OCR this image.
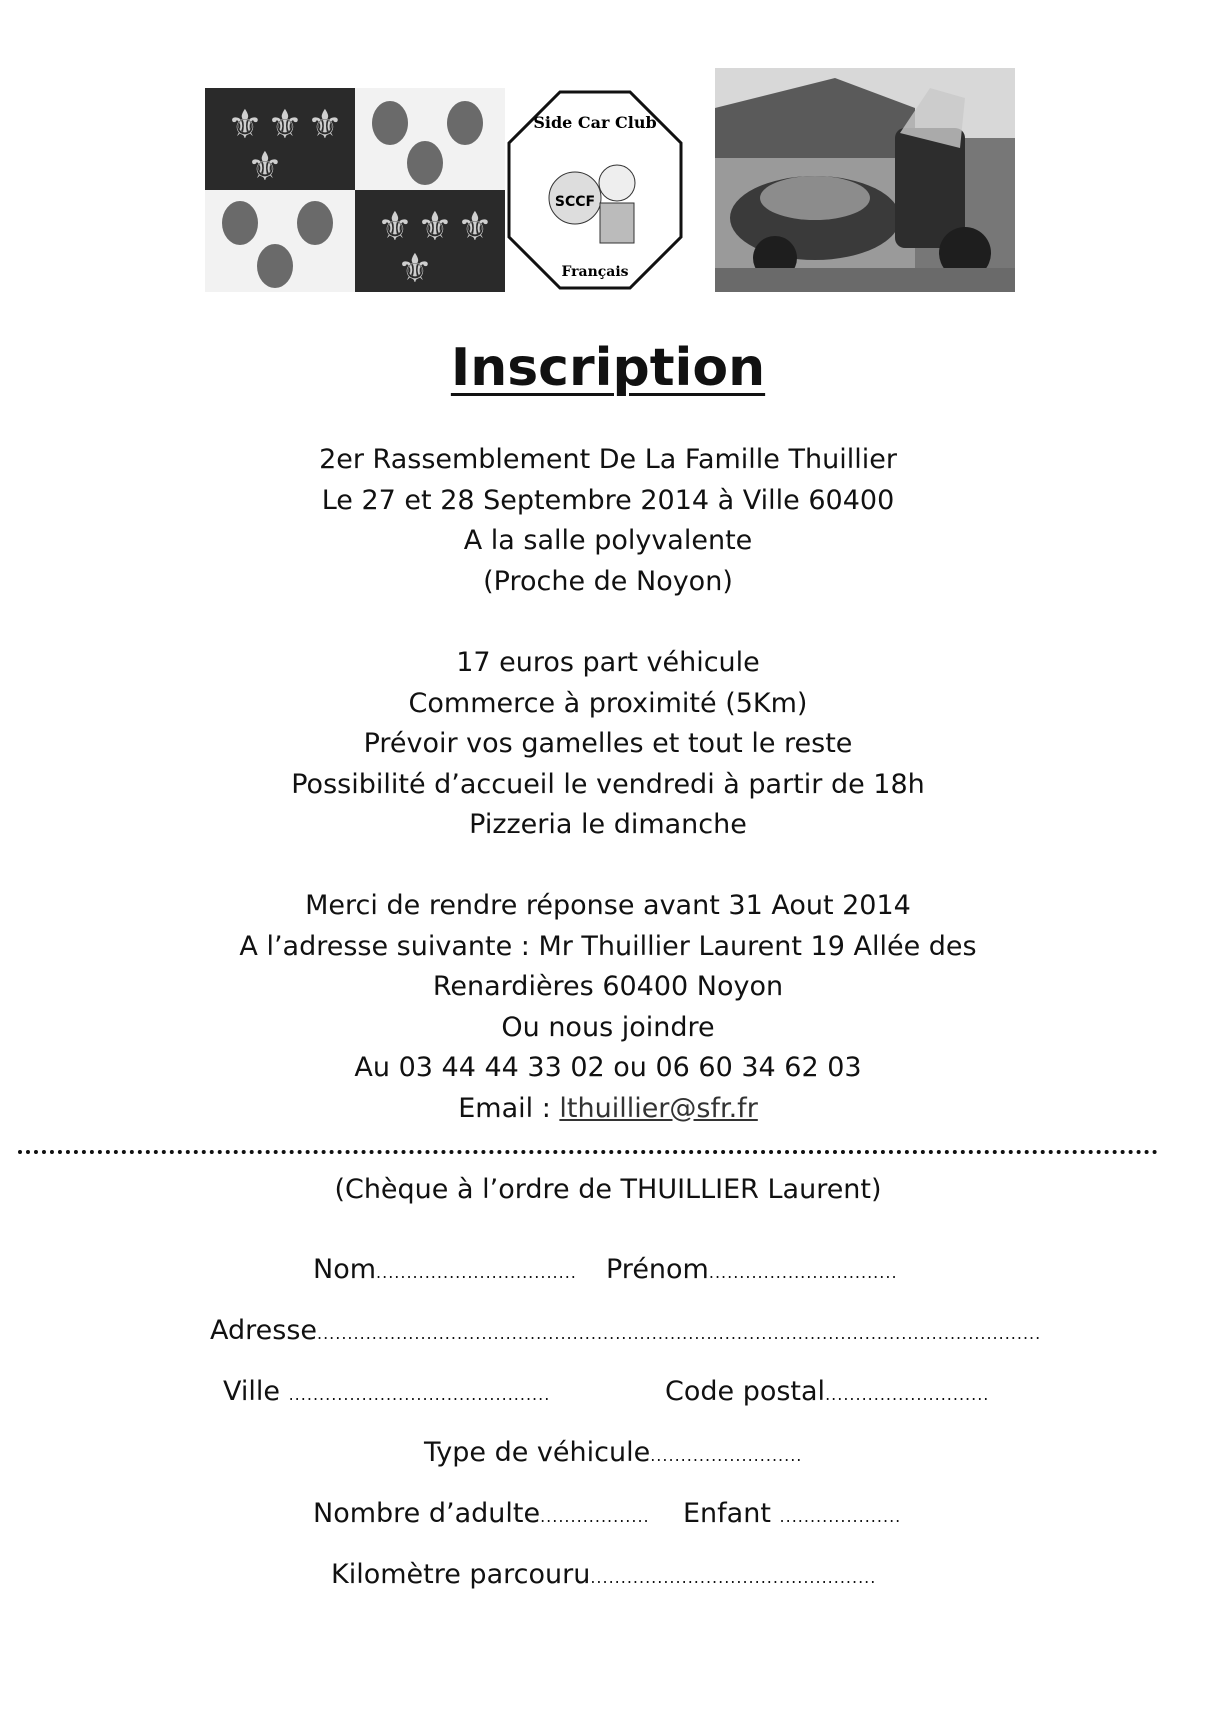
⚜ ⚜ ⚜
⚜
⚜ ⚜ ⚜
⚜
Side Car Club
SCCF
Français
Inscription
2er Rassemblement De La Famille Thuillier
Le 27 et 28 Septembre 2014 à Ville 60400
A la salle polyvalente
(Proche de Noyon)
17 euros part véhicule
Commerce à proximité (5Km)
Prévoir vos gamelles et tout le reste
Possibilité d’accueil le vendredi à partir de 18h
Pizzeria le dimanche
Merci de rendre réponse avant 31 Aout 2014
A l’adresse suivante : Mr Thuillier Laurent 19 Allée des
Renardières 60400 Noyon
Ou nous joindre
Au 03 44 44 33 02 ou 06 60 34 62 03
Email : lthuillier@sfr.fr
(Chèque à l’ordre de THUILLIER Laurent)
Nom................................. Prénom...............................
Adresse.......................................................................................................................
Ville ...........................................	Code postal...........................
Type de véhicule.........................
Nombre d’adulte.................. Enfant ....................
Kilomètre parcouru...............................................
